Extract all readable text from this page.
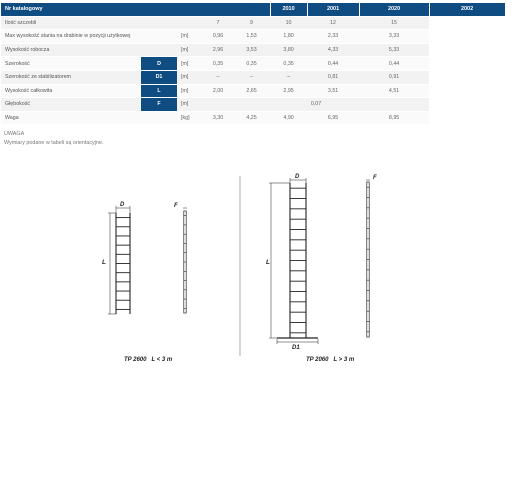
Nr katalogowy					2010	2001	2020	2002	2003
Ilość szczebli			7	9	10	12	15		
Max wysokość stania na drabinie w pozycji użytkowej		[m]	0,96	1,53	1,80	2,33	3,33		
Wysokość robocza		[m]	2,96	3,53	3,80	4,33	5,33		
Szerokość	D	[m]	0,35	0,35	0,35	0,44	0,44		
Szerokość ze stabilizatorem	D1	[m]	–	–	–	0,81	0,91		
Wysokość całkowita	L	[m]	2,00	2,65	2,95	3,51	4,51		
Głębokość	F	[m]	0,07						
Waga		[kg]	3,30	4,25	4,90	6,95	8,95		
UWAGA
Wymiary podane w tabeli są orientacyjne.
D	F
L
D	F
L
D1
TP 2600   L < 3 m	TP 2060   L > 3 m
